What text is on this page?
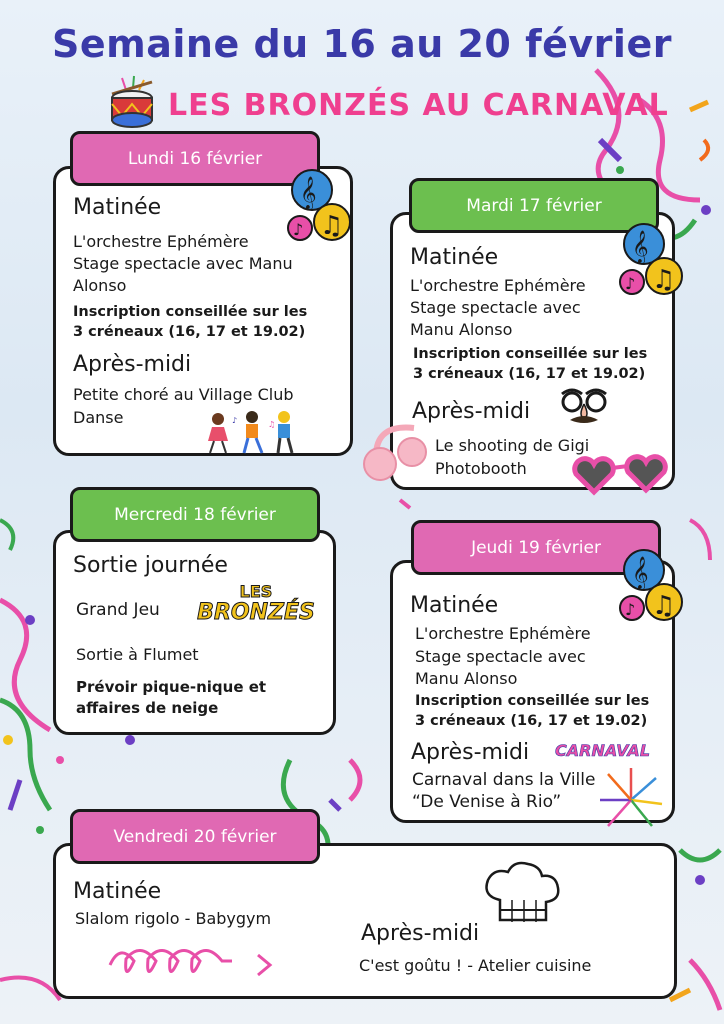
Semaine du 16 au 20 février
LES BRONZÉS AU CARNAVAL
Matinée
L'orchestre Ephémère
Stage spectacle avec Manu
Alonso
Inscription conseillée sur les
3 créneaux (16, 17 et 19.02)
Après-midi
Petite choré au Village Club
Danse	♪	♫
Lundi 16 février
𝄞
♫
♪
Matinée
L'orchestre Ephémère
Stage spectacle avec
Manu Alonso
Inscription conseillée sur les
3 créneaux (16, 17 et 19.02)
Après-midi
Le shooting de Gigi
Photobooth
Mardi 17 février
𝄞
♫
♪
Sortie journée
Grand Jeu
LES
BRONZÉS
Sortie à Flumet
Prévoir pique-nique et
affaires de neige
Mercredi 18 février
Matinée
L'orchestre Ephémère
Stage spectacle avec
Manu Alonso
Inscription conseillée sur les
3 créneaux (16, 17 et 19.02)
Après-midi CARNAVAL
Carnaval dans la Ville
“De Venise à Rio”
Jeudi 19 février
𝄞
♫
♪
Matinée
Slalom rigolo - Babygym
Après-midi
C'est goûtu ! - Atelier cuisine
Vendredi 20 février
